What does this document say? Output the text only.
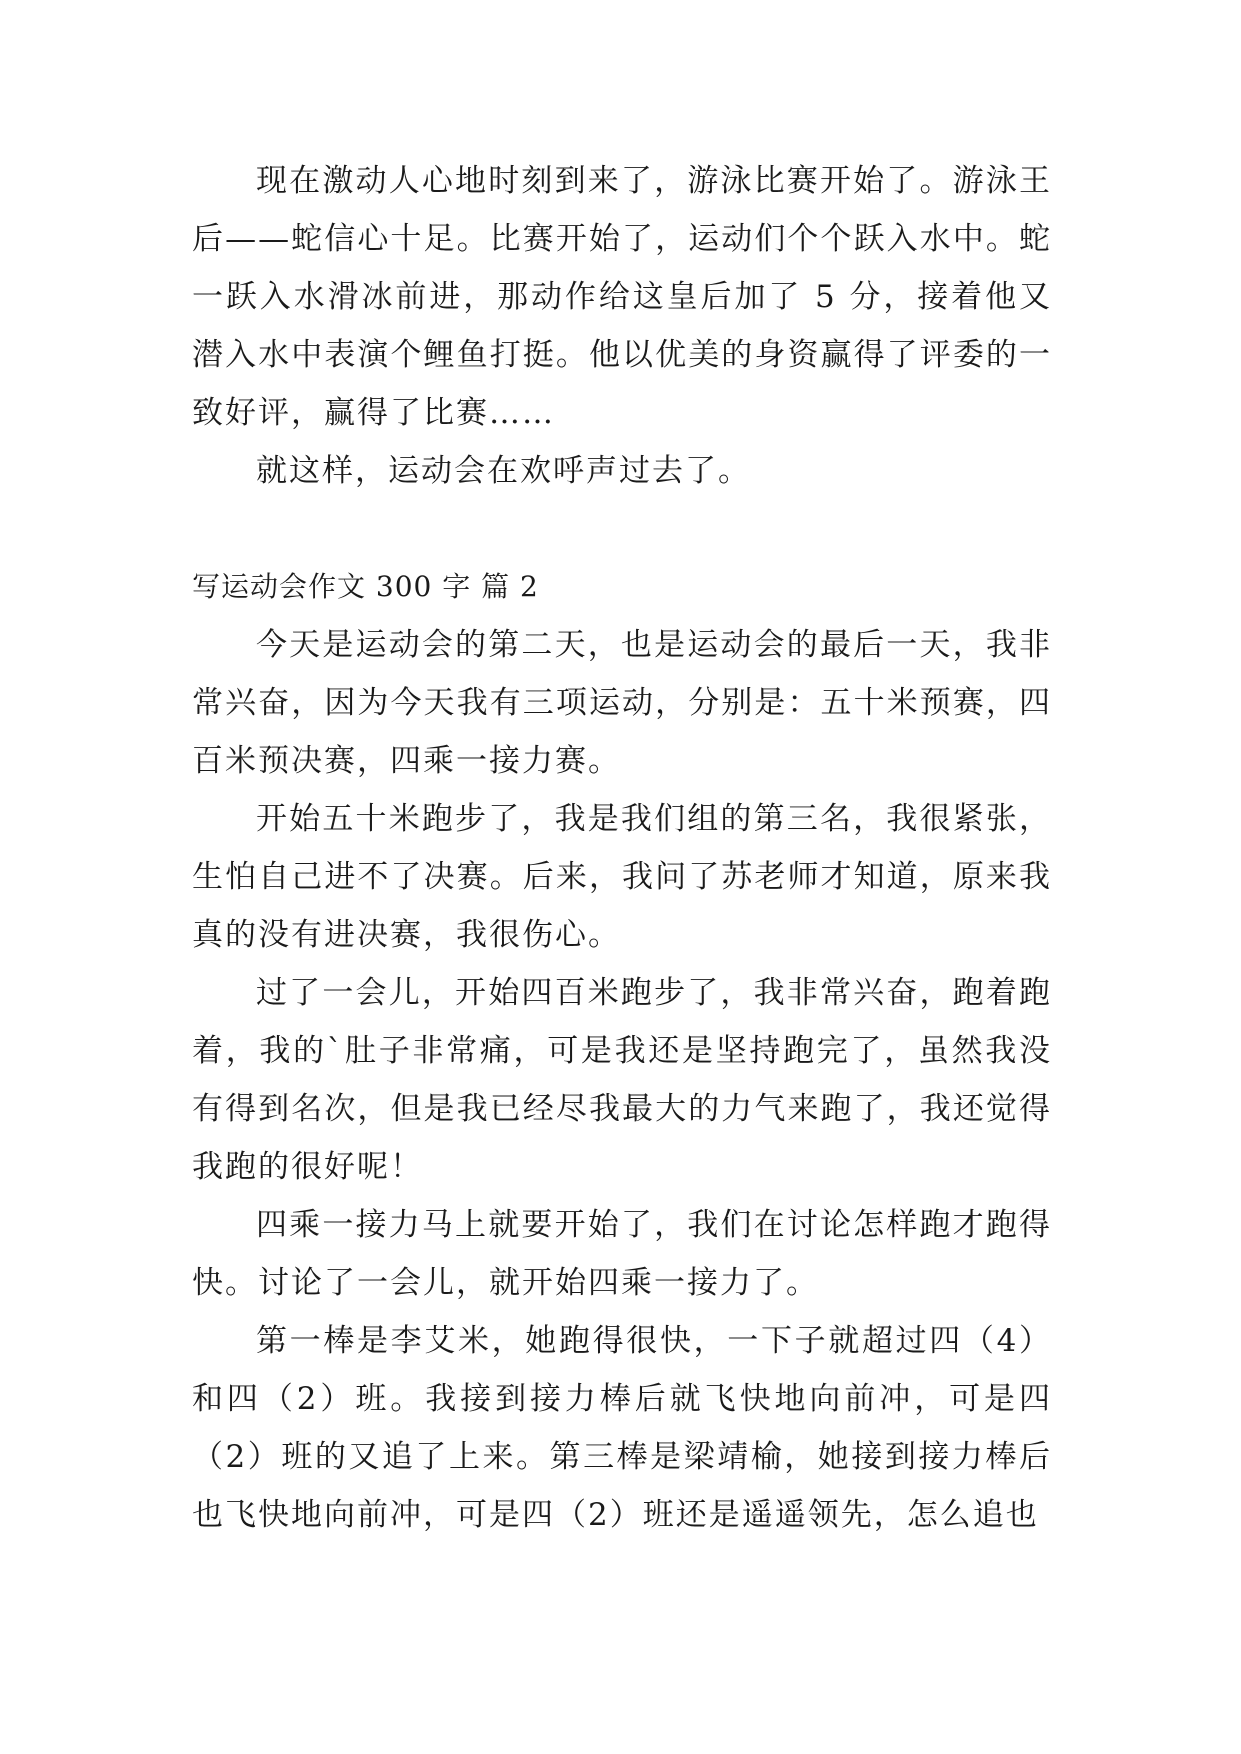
现在激动人心地时刻到来了，游泳比赛开始了。游泳王后——蛇信心十足。比赛开始了，运动们个个跃入水中。蛇一跃入水滑冰前进，那动作给这皇后加了 5 分，接着他又潜入水中表演个鲤鱼打挺。他以优美的身资赢得了评委的一致好评，赢得了比赛……

就这样，运动会在欢呼声过去了。

写运动会作文 300 字 篇 2

今天是运动会的第二天，也是运动会的最后一天，我非常兴奋，因为今天我有三项运动，分别是：五十米预赛，四百米预决赛，四乘一接力赛。

开始五十米跑步了，我是我们组的第三名，我很紧张，生怕自己进不了决赛。后来，我问了苏老师才知道，原来我真的没有进决赛，我很伤心。

过了一会儿，开始四百米跑步了，我非常兴奋，跑着跑着，我的`肚子非常痛，可是我还是坚持跑完了，虽然我没有得到名次，但是我已经尽我最大的力气来跑了，我还觉得我跑的很好呢！

四乘一接力马上就要开始了，我们在讨论怎样跑才跑得快。讨论了一会儿，就开始四乘一接力了。

第一棒是李艾米，她跑得很快，一下子就超过四（4）和四（2）班。我接到接力棒后就飞快地向前冲，可是四（2）班的又追了上来。第三棒是梁靖榆，她接到接力棒后也飞快地向前冲，可是四（2）班还是遥遥领先，怎么追也
